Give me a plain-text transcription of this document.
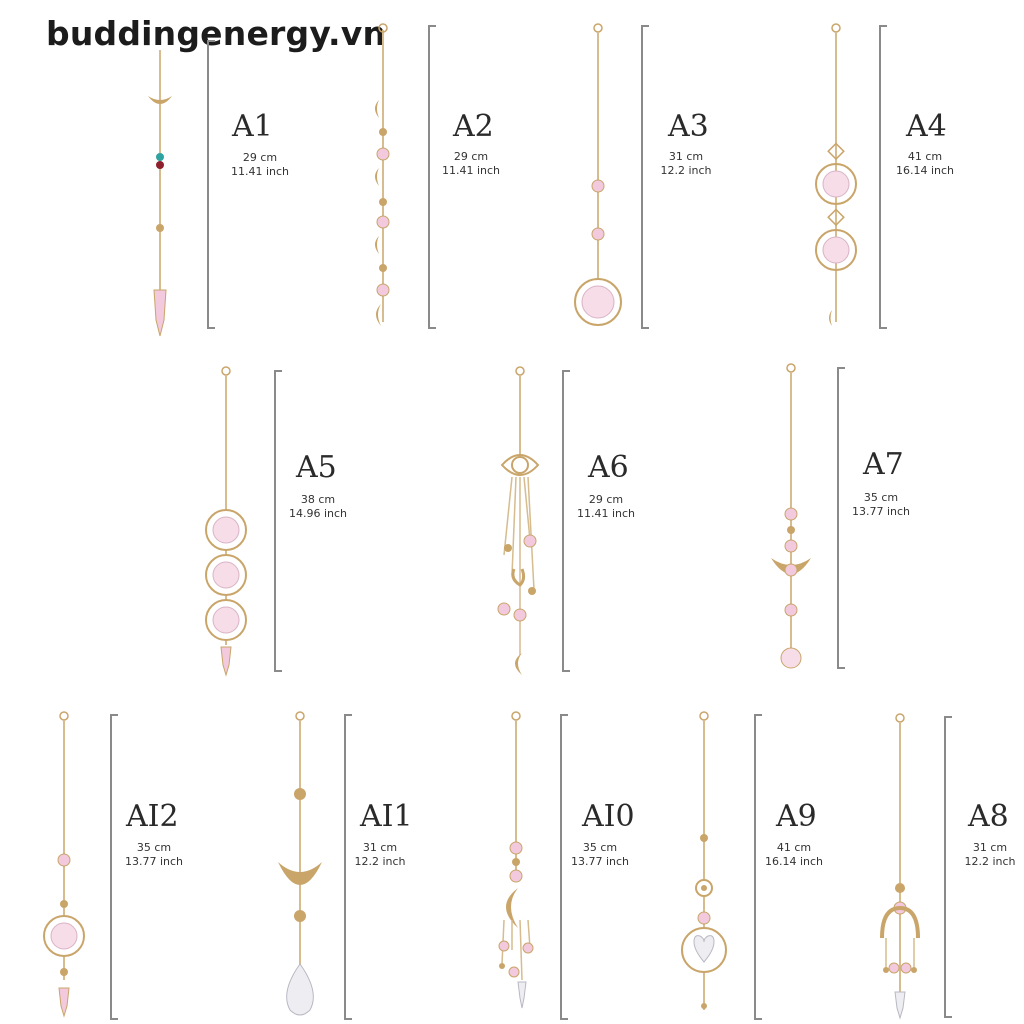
buddingenergy.vn
A1
29 cm
11.41 inch
A2
29 cm
11.41 inch
A3
31 cm
12.2 inch
A4
41 cm
16.14 inch
A5
38 cm
14.96 inch
A6
29 cm
11.41 inch
A7
35 cm
13.77 inch
AI2
35 cm
13.77 inch
AI1
31 cm
12.2 inch
AI0
35 cm
13.77 inch
A9
41 cm
16.14 inch
A8
31 cm
12.2 inch
